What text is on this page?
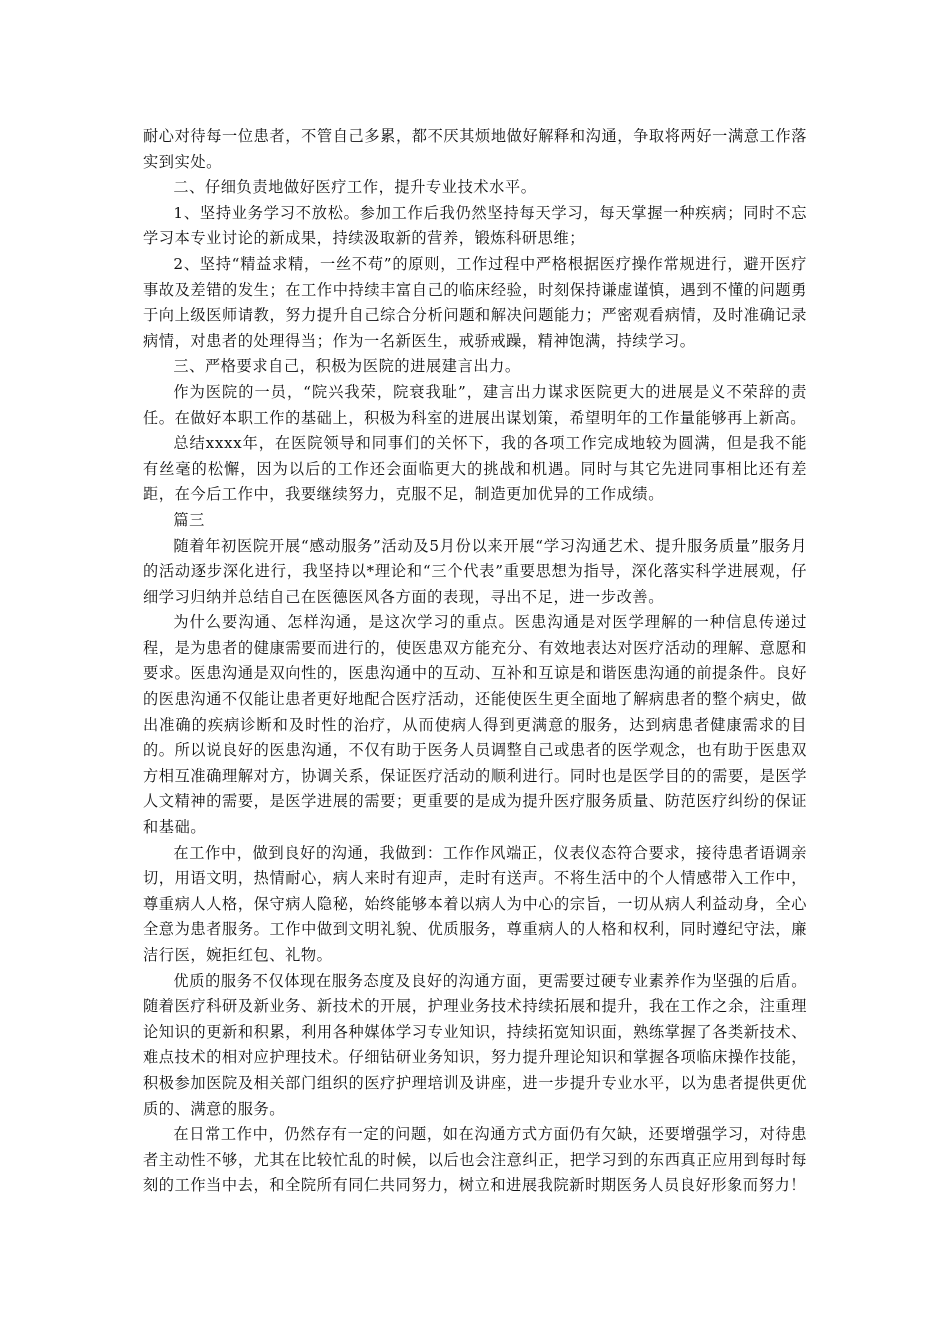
耐心对待每一位患者，不管自己多累，都不厌其烦地做好解释和沟通，争取将两好一满意工作落实到实处。

二、仔细负责地做好医疗工作，提升专业技术水平。

1、坚持业务学习不放松。参加工作后我仍然坚持每天学习，每天掌握一种疾病；同时不忘学习本专业讨论的新成果，持续汲取新的营养，锻炼科研思维；

2、坚持“精益求精，一丝不苟”的原则，工作过程中严格根据医疗操作常规进行，避开医疗事故及差错的发生；在工作中持续丰富自己的临床经验，时刻保持谦虚谨慎，遇到不懂的问题勇于向上级医师请教，努力提升自己综合分析问题和解决问题能力；严密观看病情，及时准确记录病情，对患者的处理得当；作为一名新医生，戒骄戒躁，精神饱满，持续学习。

三、严格要求自己，积极为医院的进展建言出力。

作为医院的一员，“院兴我荣，院衰我耻”，建言出力谋求医院更大的进展是义不荣辞的责任。在做好本职工作的基础上，积极为科室的进展出谋划策，希望明年的工作量能够再上新高。

总结xxxx年，在医院领导和同事们的关怀下，我的各项工作完成地较为圆满，但是我不能有丝毫的松懈，因为以后的工作还会面临更大的挑战和机遇。同时与其它先进同事相比还有差距，在今后工作中，我要继续努力，克服不足，制造更加优异的工作成绩。

篇三

随着年初医院开展“感动服务”活动及5月份以来开展“学习沟通艺术、提升服务质量”服务月的活动逐步深化进行，我坚持以*理论和“三个代表”重要思想为指导，深化落实科学进展观，仔细学习归纳并总结自己在医德医风各方面的表现，寻出不足，进一步改善。

为什么要沟通、怎样沟通，是这次学习的重点。医患沟通是对医学理解的一种信息传递过程，是为患者的健康需要而进行的，使医患双方能充分、有效地表达对医疗活动的理解、意愿和要求。医患沟通是双向性的，医患沟通中的互动、互补和互谅是和谐医患沟通的前提条件。良好的医患沟通不仅能让患者更好地配合医疗活动，还能使医生更全面地了解病患者的整个病史，做出准确的疾病诊断和及时性的治疗，从而使病人得到更满意的服务，达到病患者健康需求的目的。所以说良好的医患沟通，不仅有助于医务人员调整自己或患者的医学观念，也有助于医患双方相互准确理解对方，协调关系，保证医疗活动的顺利进行。同时也是医学目的的需要，是医学人文精神的需要，是医学进展的需要；更重要的是成为提升医疗服务质量、防范医疗纠纷的保证和基础。

在工作中，做到良好的沟通，我做到：工作作风端正，仪表仪态符合要求，接待患者语调亲切，用语文明，热情耐心，病人来时有迎声，走时有送声。不将生活中的个人情感带入工作中，尊重病人人格，保守病人隐秘，始终能够本着以病人为中心的宗旨，一切从病人利益动身，全心全意为患者服务。工作中做到文明礼貌、优质服务，尊重病人的人格和权利，同时遵纪守法，廉洁行医，婉拒红包、礼物。

优质的服务不仅体现在服务态度及良好的沟通方面，更需要过硬专业素养作为坚强的后盾。随着医疗科研及新业务、新技术的开展，护理业务技术持续拓展和提升，我在工作之余，注重理论知识的更新和积累，利用各种媒体学习专业知识，持续拓宽知识面，熟练掌握了各类新技术、难点技术的相对应护理技术。仔细钻研业务知识，努力提升理论知识和掌握各项临床操作技能，积极参加医院及相关部门组织的医疗护理培训及讲座，进一步提升专业水平，以为患者提供更优质的、满意的服务。

在日常工作中，仍然存有一定的问题，如在沟通方式方面仍有欠缺，还要增强学习，对待患者主动性不够，尤其在比较忙乱的时候，以后也会注意纠正，把学习到的东西真正应用到每时每刻的工作当中去，和全院所有同仁共同努力，树立和进展我院新时期医务人员良好形象而努力！
